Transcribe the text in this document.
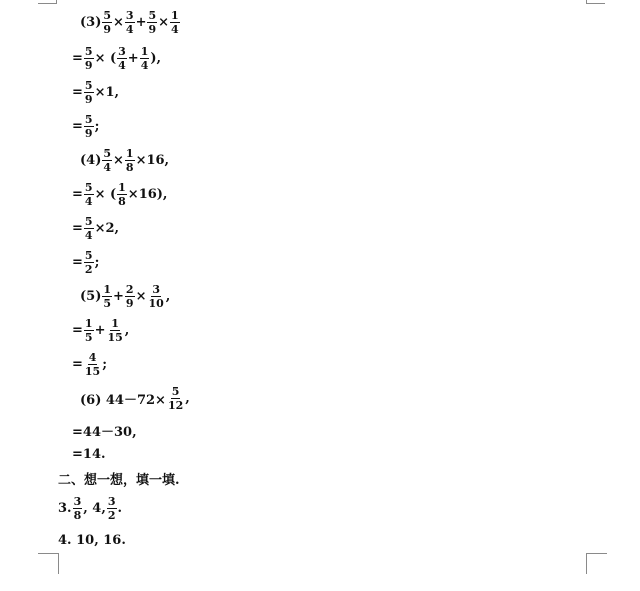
$(3) \frac{5}{9} \times \frac{3}{4} + \frac{5}{9} \times \frac{1}{4}$
= $\frac{5}{9}$ × ( $\frac{3}{4} + \frac{1}{4}$ ),
= $\frac{5}{9} \times 1$,
= $\frac{5}{9}$ ;
$(4) \frac{5}{4} \times \frac{1}{8} \times 16$,
= $\frac{5}{4}$ × ( $\frac{1}{8} \times 16$),
= $\frac{5}{4} \times 2$,
= $\frac{5}{2}$ ;
$(5) \frac{1}{5} + \frac{2}{9} \times \frac{3}{10}$ ,
= $\frac{1}{5} + \frac{1}{15}$ ,
= $\frac{4}{15}$ ;
(6) $44-72\times \frac{5}{12}$ ,
=44－30,
=14.
二、想一想，填一填.
3. $\frac{3}{8}$ , 4, $\frac{3}{2}$ .
4. 10, 16.
